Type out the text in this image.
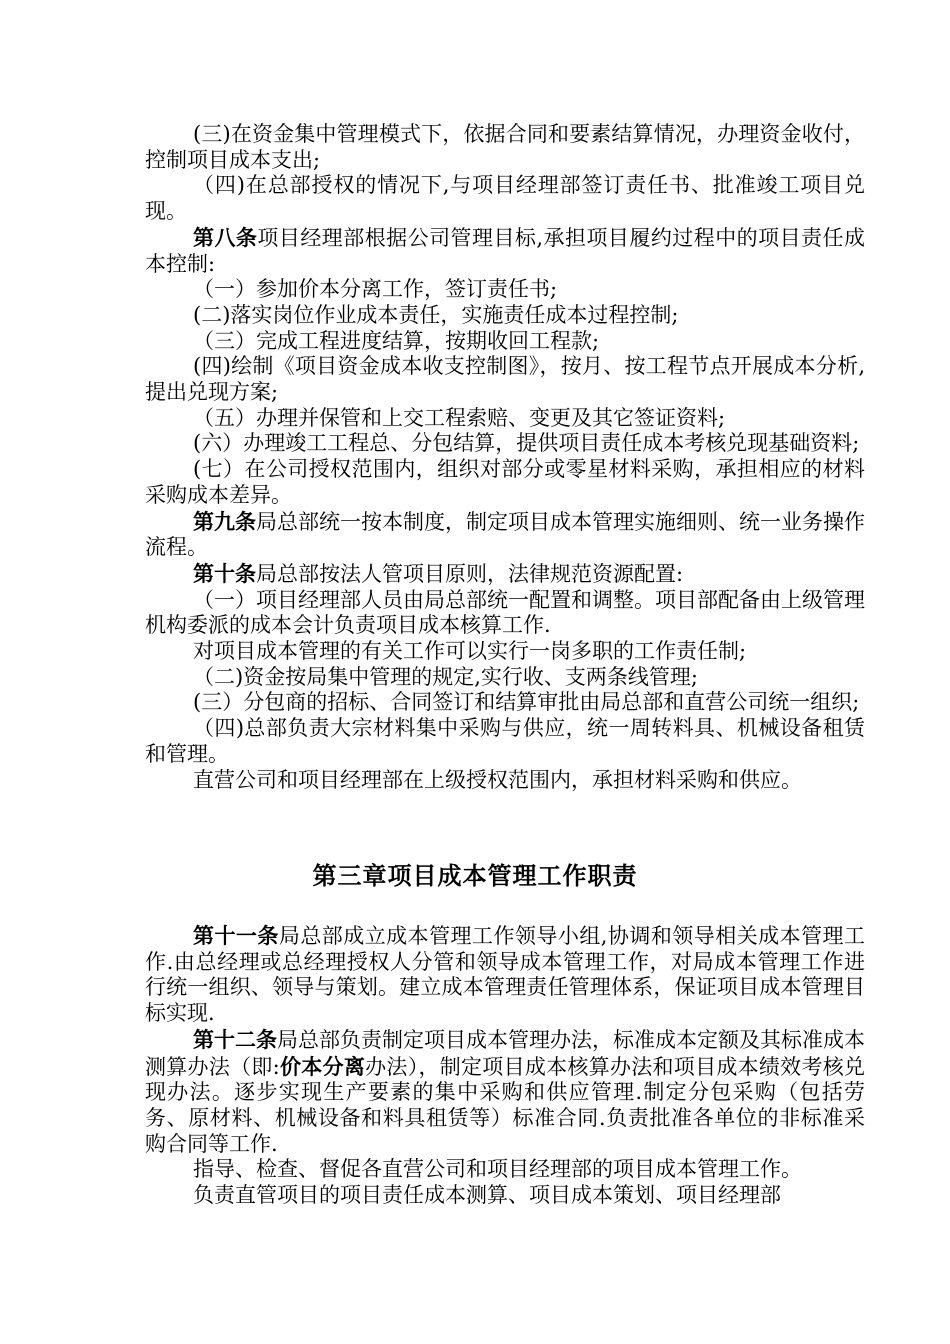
(三)在资金集中管理模式下，依据合同和要素结算情况，办理资金收付，控制项目成本支出;

（四)在总部授权的情况下,与项目经理部签订责任书、批准竣工项目兑现。

第八条项目经理部根据公司管理目标,承担项目履约过程中的项目责任成本控制:

（一）参加价本分离工作，签订责任书;

(二)落实岗位作业成本责任，实施责任成本过程控制;

（三）完成工程进度结算，按期收回工程款;

(四)绘制《项目资金成本收支控制图》，按月、按工程节点开展成本分析,提出兑现方案;

（五）办理并保管和上交工程索赔、变更及其它签证资料;

(六）办理竣工工程总、分包结算，提供项目责任成本考核兑现基础资料;

(七）在公司授权范围内，组织对部分或零星材料采购，承担相应的材料采购成本差异。

第九条局总部统一按本制度，制定项目成本管理实施细则、统一业务操作流程。

第十条局总部按法人管项目原则，法律规范资源配置:

（一）项目经理部人员由局总部统一配置和调整。项目部配备由上级管理机构委派的成本会计负责项目成本核算工作.

对项目成本管理的有关工作可以实行一岗多职的工作责任制;

（二)资金按局集中管理的规定,实行收、支两条线管理;

(三）分包商的招标、合同签订和结算审批由局总部和直营公司统一组织;

（四)总部负责大宗材料集中采购与供应，统一周转料具、机械设备租赁和管理。

直营公司和项目经理部在上级授权范围内，承担材料采购和供应。

第三章项目成本管理工作职责

第十一条局总部成立成本管理工作领导小组,协调和领导相关成本管理工作.由总经理或总经理授权人分管和领导成本管理工作，对局成本管理工作进行统一组织、领导与策划。建立成本管理责任管理体系，保证项目成本管理目标实现.

第十二条局总部负责制定项目成本管理办法，标准成本定额及其标准成本测算办法（即:价本分离办法），制定项目成本核算办法和项目成本绩效考核兑现办法。逐步实现生产要素的集中采购和供应管理.制定分包采购（包括劳务、原材料、机械设备和料具租赁等）标准合同.负责批准各单位的非标准采购合同等工作.

指导、检查、督促各直营公司和项目经理部的项目成本管理工作。

负责直管项目的项目责任成本测算、项目成本策划、项目经理部
